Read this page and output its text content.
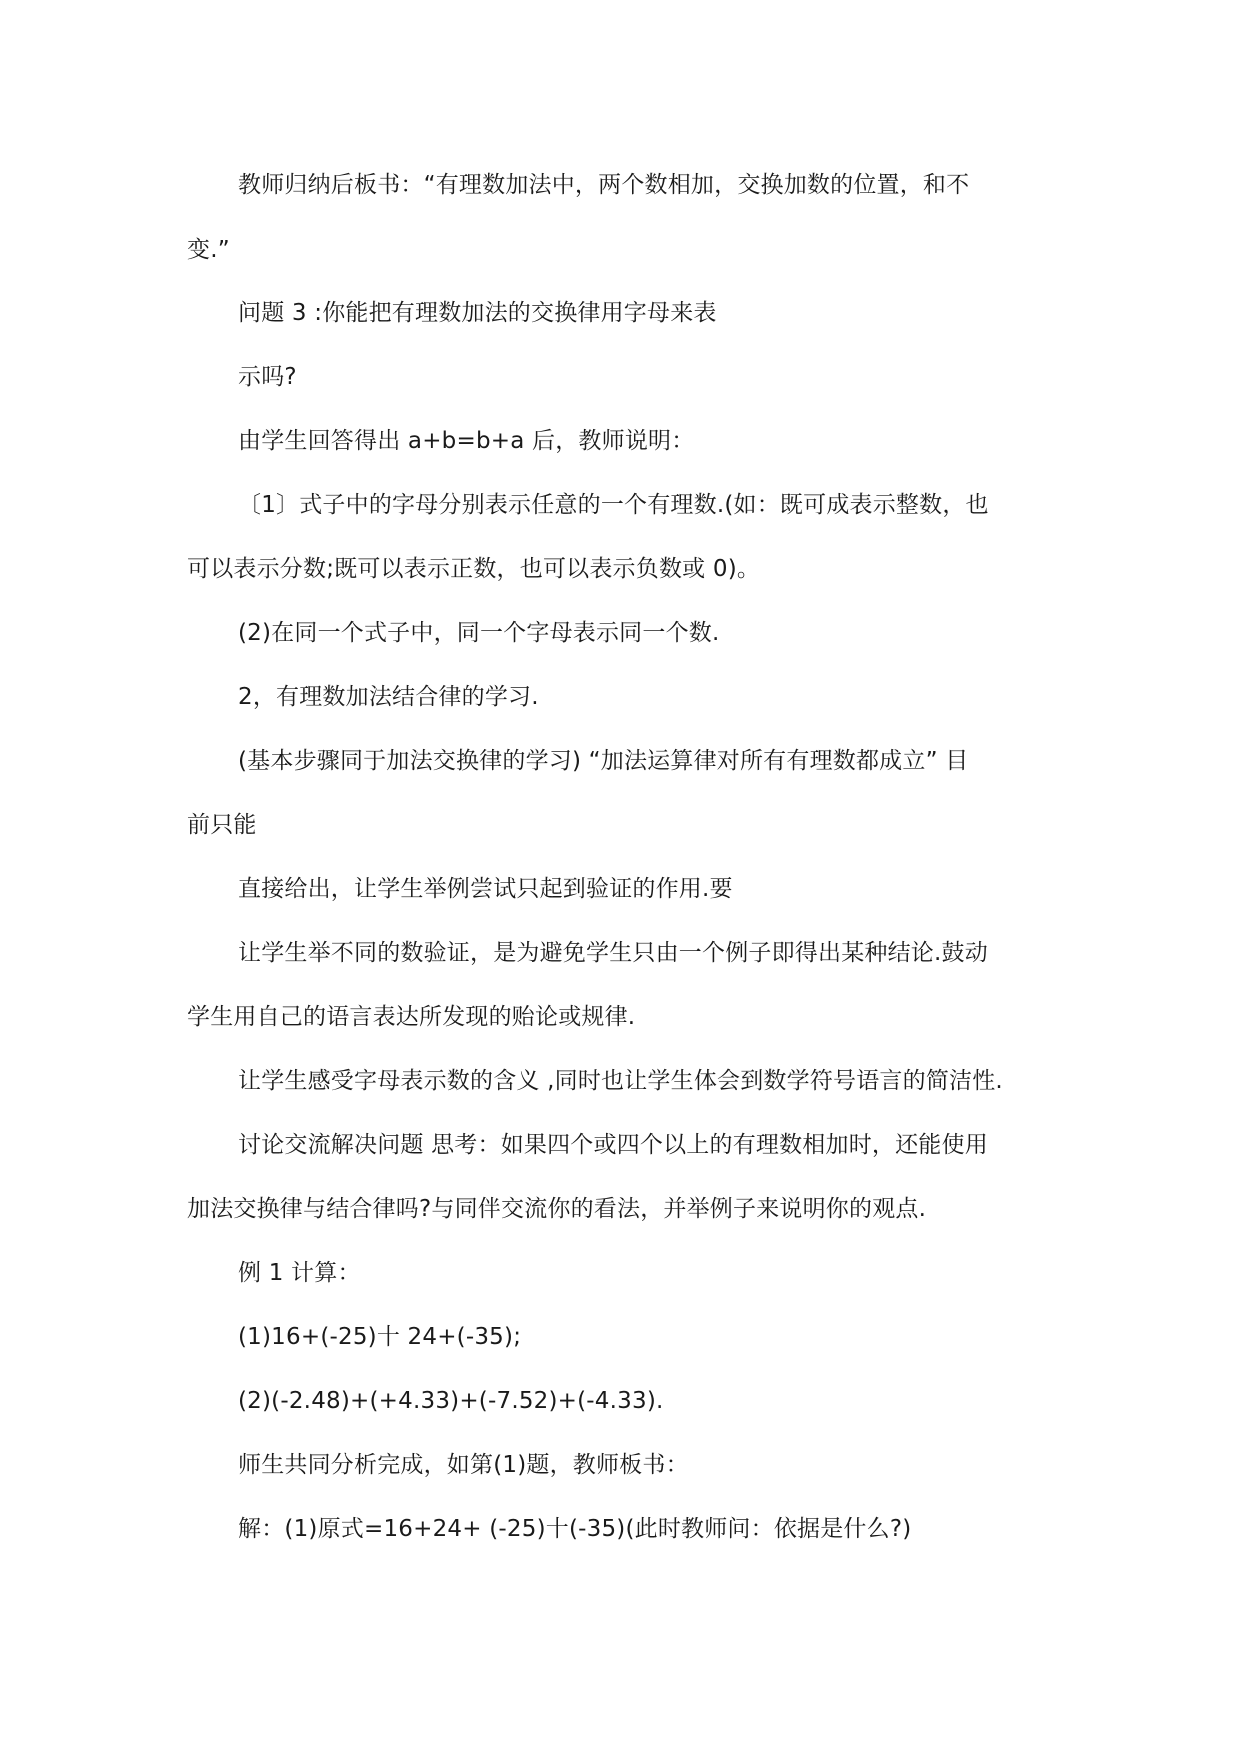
教师归纳后板书：“有理数加法中，两个数相加，交换加数的位置，和不
变.”
问题 3 :你能把有理数加法的交换律用字母来表
示吗?
由学生回答得出 a+b=b+a 后，教师说明：
〔1〕式子中的字母分别表示任意的一个有理数.(如：既可成表示整数，也
可以表示分数;既可以表示正数，也可以表示负数或 0)。
(2)在同一个式子中，同一个字母表示同一个数.
2，有理数加法结合律的学习.
(基本步骤同于加法交换律的学习) “加法运算律对所有有理数都成立” 目
前只能
直接给出，让学生举例尝试只起到验证的作用.要
让学生举不同的数验证，是为避免学生只由一个例子即得出某种结论.鼓动
学生用自己的语言表达所发现的贻论或规律.
让学生感受字母表示数的含义 ,同时也让学生体会到数学符号语言的简洁性.
讨论交流解决问题 思考：如果四个或四个以上的有理数相加时，还能使用
加法交换律与结合律吗?与同伴交流你的看法，并举例子来说明你的观点.
例 1 计算：
(1)16+(-25)十 24+(-35);
(2)(-2.48)+(+4.33)+(-7.52)+(-4.33).
师生共同分析完成，如第(1)题，教师板书：
解：(1)原式=16+24+ (-25)十(-35)(此时教师问：依据是什么?)
